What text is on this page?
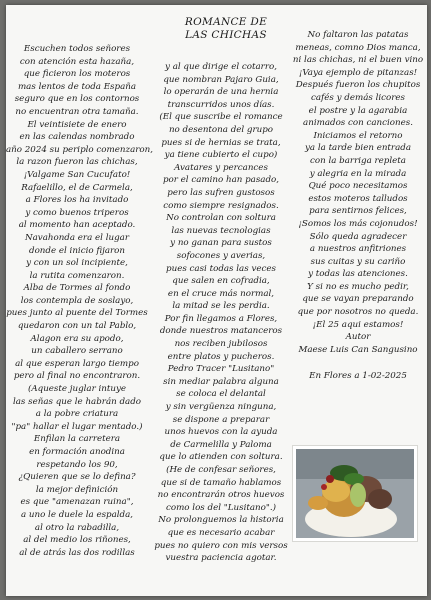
ROMANCE DE
LAS CHICHAS
Escuchen todos señores
con atención esta hazaña,
que ficieron los moteros
mas lentos de toda España
seguro que en los contornos
no encuentran otra tamaña.
El veintisiete de enero
en las calendas nombrado
año 2024 su periplo comenzaron,
la razon fueron las chichas,
¡Valgame San Cucufato!
Rafaelillo, el de Carmela,
a Flores los ha invitado
y como buenos triperos
al momento han aceptado.
Navahonda era el lugar
donde el inicio fijaron
y con un sol incipiente,
la rutita comenzaron.
Alba de Tormes al fondo
los contempla de soslayo,
pues junto al puente del Tormes
quedaron con un tal Pablo,
Alagon era su apodo,
un caballero serrano
al que esperan largo tiempo
pero al final no encontraron.
(Aqueste juglar intuye
las señas que le habrán dado
a la pobre criatura
"pa" hallar el lugar mentado.)
Enfilan la carretera
en formación anodina
respetando los 90,
¿Quieren que se lo defina?
la mejor definición
es que "amenazan ruina",
a uno le duele la espalda,
al otro la rabadilla,
al del medio los riñones,
al de atrás las dos rodillas
y al que dirige el cotarro,
que nombran Pajaro Guia,
lo operarán de una hernia
transcurridos unos días.
(El que suscribe el romance
no desentona del grupo
pues si de hernias se trata,
ya tiene cubierto el cupo)
Avatares y percances
por el camino han pasado,
pero las sufren gustosos
como siempre resignados.
No controlan con soltura
las nuevas tecnologias
y no ganan para sustos
sofocones y averias,
pues casi todas las veces
que salen en cofradia,
en el cruce más normal,
la mitad se les perdia.
Por fin llegamos a Flores,
donde nuestros matanceros
nos reciben jubilosos
entre platos y pucheros.
Pedro Tracer "Lusitano"
sin mediar palabra alguna
se coloca el delantal
y sin vergüenza ninguna,
se dispone a preparar
unos huevos con la ayuda
de Carmelilla y Paloma
que lo atienden con soltura.
(He de confesar señores,
que si de tamaño hablamos
no encontrarán otros huevos
como los del "Lusitano".)
No prolonguemos la historia
que es necesario acabar
pues no quiero con mis versos
vuestra paciencia agotar.
No faltaron las patatas
meneas, comno Dios manca,
ni las chichas, ni el buen vino
¡Vaya ejemplo de pitanzas!
Después fueron los chupitos
cafés y demás licores
el postre y la agarabia
animados con canciones.
Iniciamos el retorno
ya la tarde bien entrada
con la barriga repleta
y alegria en la mirada
Qué poco necesitamos
estos moteros talludos
para sentirnos felices,
¡Somos los más cojonudos!
Sólo queda agradecer
a nuestros anfitriones
sus cuitas y su cariño
y todas las atenciones.
Y si no es mucho pedir,
que se vayan preparando
que por nosotros no queda.
¡El 25 aqui estamos!
Autor
Maese Luis Can Sangusino
En Flores a 1-02-2025
